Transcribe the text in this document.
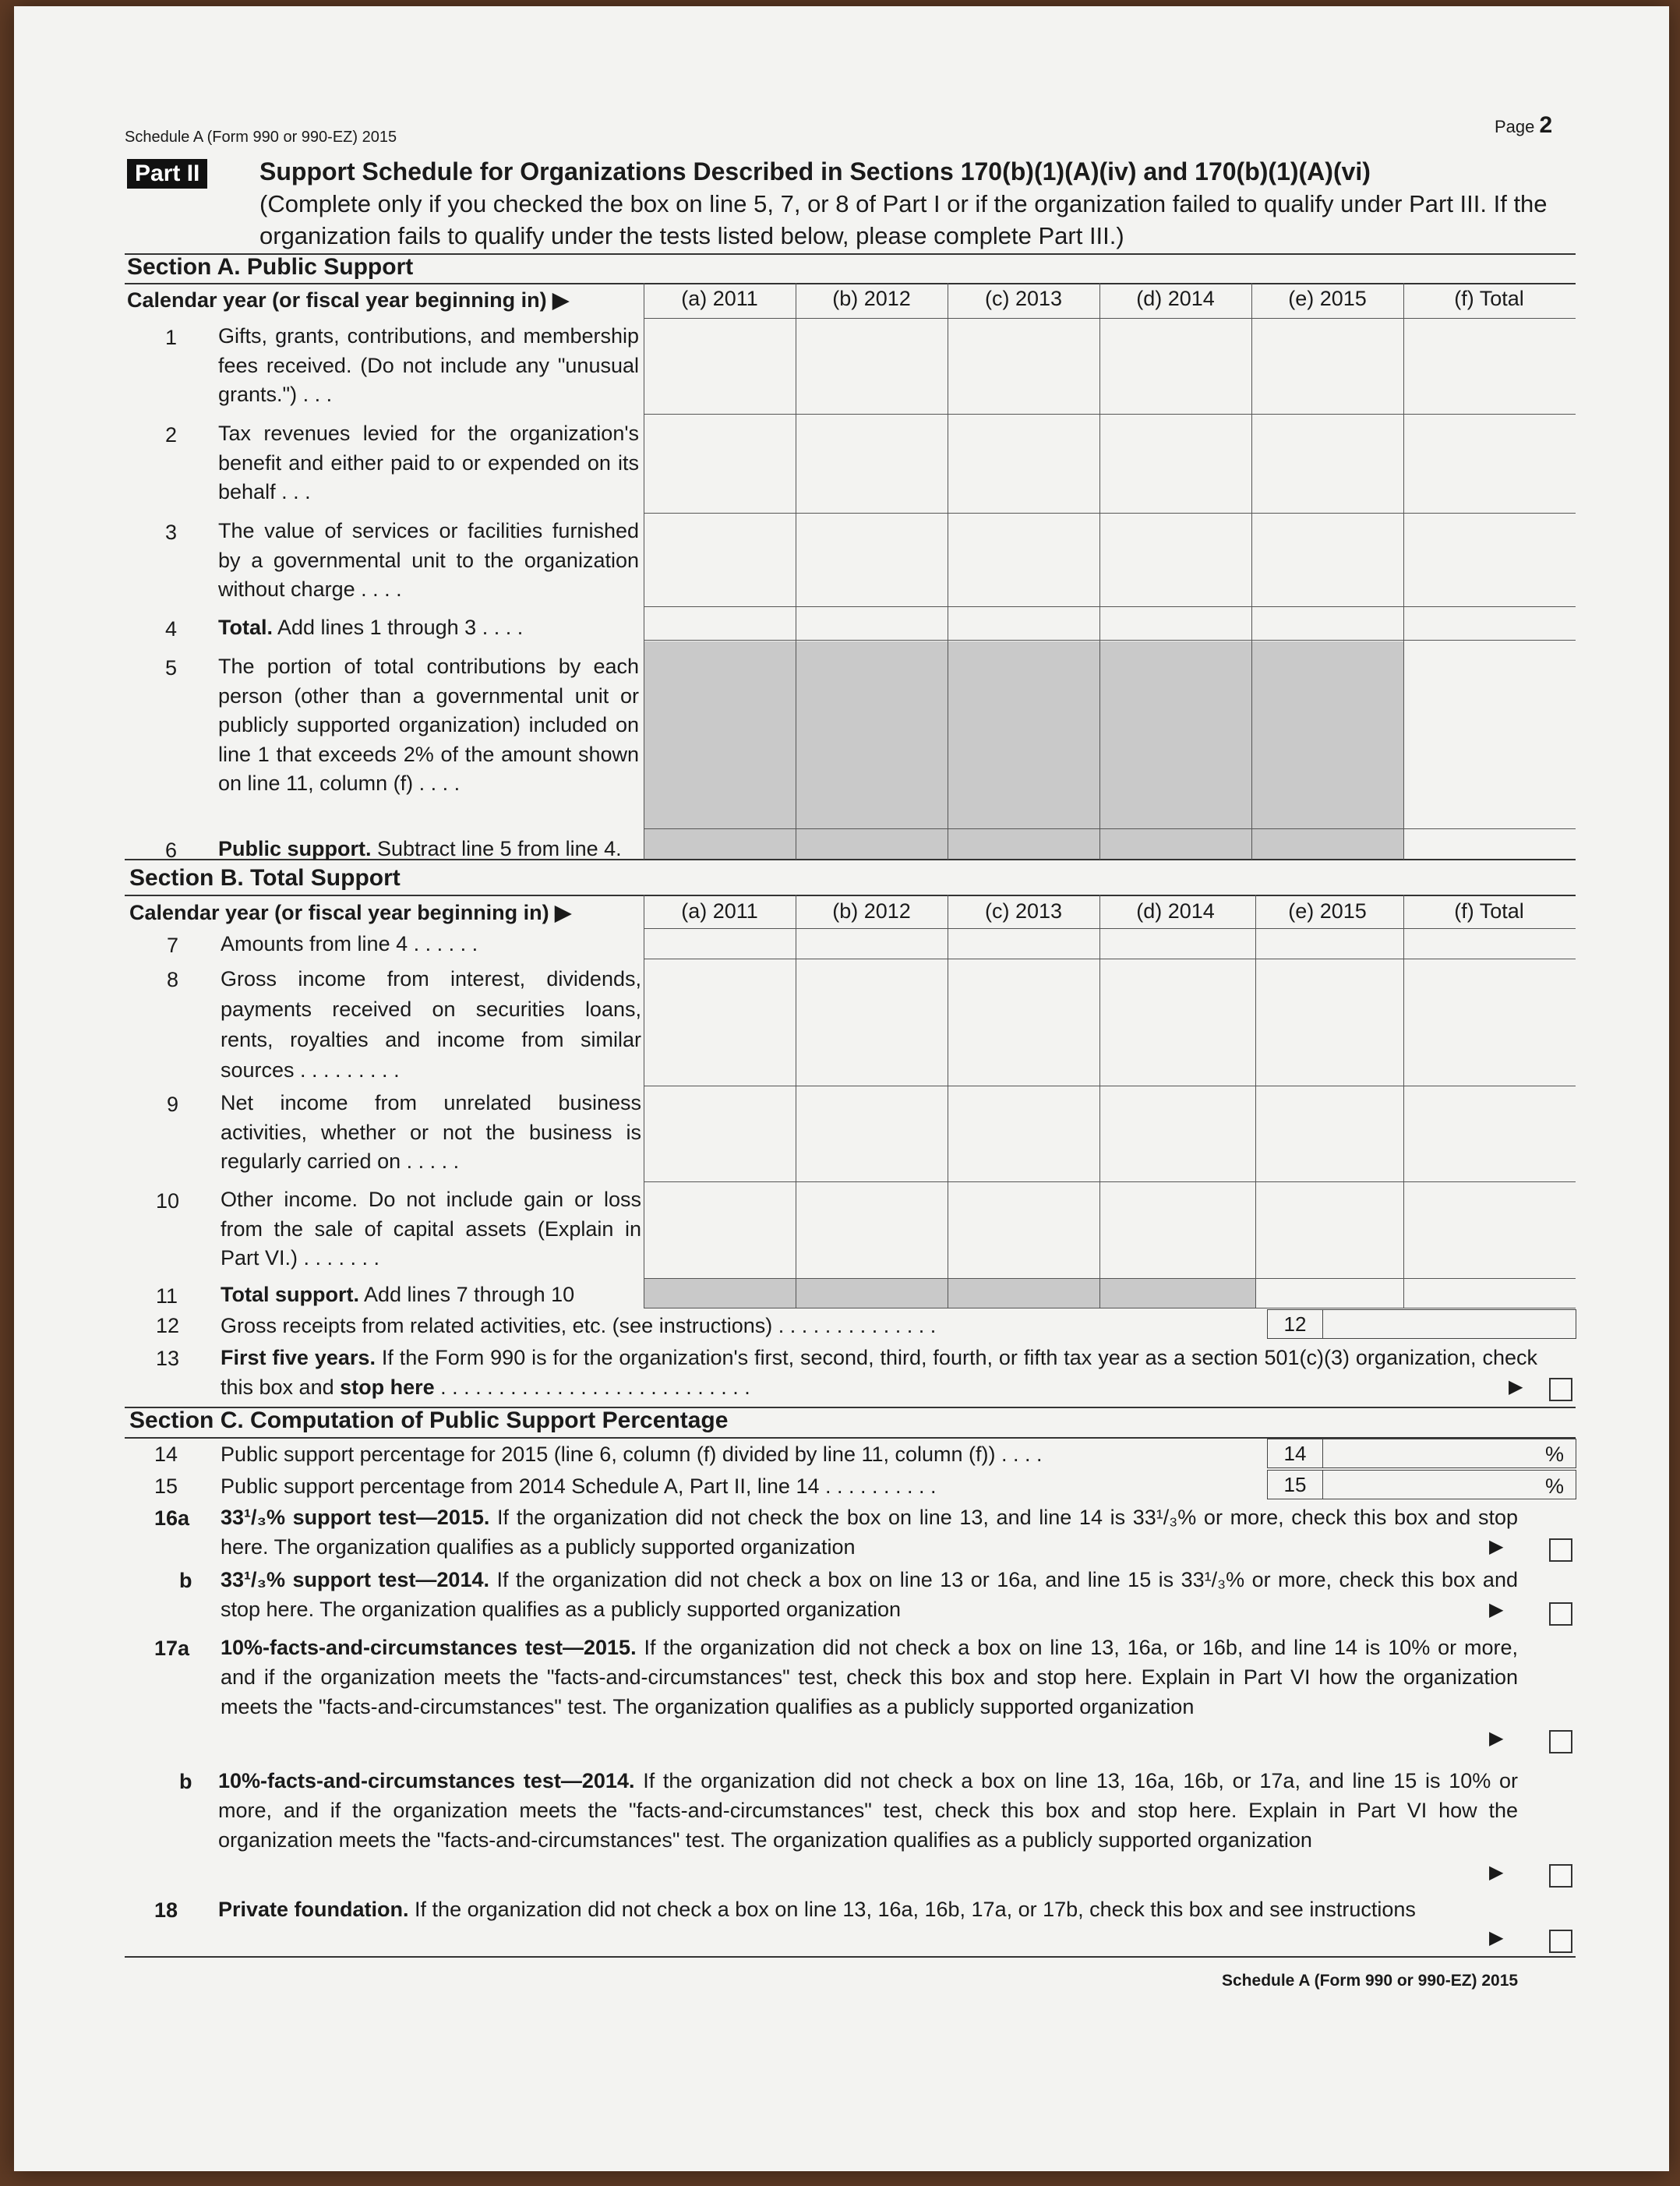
Schedule A (Form 990 or 990-EZ) 2015
Page 2
Part II	Support Schedule for Organizations Described in Sections 170(b)(1)(A)(iv) and 170(b)(1)(A)(vi)
(Complete only if you checked the box on line 5, 7, or 8 of Part I or if the organization failed to qualify under Part III. If the organization fails to qualify under the tests listed below, please complete Part III.)
Section A. Public Support
Calendar year (or fiscal year beginning in) ▶	(a) 2011	(b) 2012	(c) 2013	(d) 2014	(e) 2015	(f) Total
1 Gifts, grants, contributions, and membership fees received. (Do not include any "unusual grants.") . . .
2 Tax revenues levied for the organization's benefit and either paid to or expended on its behalf . . .
3 The value of services or facilities furnished by a governmental unit to the organization without charge . . . .
4 Total. Add lines 1 through 3 . . . .
5 The portion of total contributions by each person (other than a governmental unit or publicly supported organization) included on line 1 that exceeds 2% of the amount shown on line 11, column (f) . . . .
6 Public support. Subtract line 5 from line 4.
Section B. Total Support
Calendar year (or fiscal year beginning in) ▶	(a) 2011	(b) 2012	(c) 2013	(d) 2014	(e) 2015	(f) Total
7 Amounts from line 4 . . . . . .
8 Gross income from interest, dividends, payments received on securities loans, rents, royalties and income from similar sources . . . . . . . . .
9 Net income from unrelated business activities, whether or not the business is regularly carried on . . . . .
10 Other income. Do not include gain or loss from the sale of capital assets (Explain in Part VI.) . . . . . . .
11 Total support. Add lines 7 through 10
12 Gross receipts from related activities, etc. (see instructions) . . . . . . . . . . . . . .	12
13 First five years. If the Form 990 is for the organization's first, second, third, fourth, or fifth tax year as a section 501(c)(3) organization, check this box and stop here . . . . . . . . . . . . . . . . . . . . . . . . . . .	▶
Section C. Computation of Public Support Percentage
14 Public support percentage for 2015 (line 6, column (f) divided by line 11, column (f)) . . . .	14	%
15 Public support percentage from 2014 Schedule A, Part II, line 14 . . . . . . . . . .	15	%
16a 33¹/₃% support test—2015. If the organization did not check the box on line 13, and line 14 is 33¹/₃% or more, check this box and stop here. The organization qualifies as a publicly supported organization	▶
b 33¹/₃% support test—2014. If the organization did not check a box on line 13 or 16a, and line 15 is 33¹/₃% or more, check this box and stop here. The organization qualifies as a publicly supported organization	▶
17a 10%-facts-and-circumstances test—2015. If the organization did not check a box on line 13, 16a, or 16b, and line 14 is 10% or more, and if the organization meets the "facts-and-circumstances" test, check this box and stop here. Explain in Part VI how the organization meets the "facts-and-circumstances" test. The organization qualifies as a publicly supported organization
▶
b 10%-facts-and-circumstances test—2014. If the organization did not check a box on line 13, 16a, 16b, or 17a, and line 15 is 10% or more, and if the organization meets the "facts-and-circumstances" test, check this box and stop here. Explain in Part VI how the organization meets the "facts-and-circumstances" test. The organization qualifies as a publicly supported organization
▶
18 Private foundation. If the organization did not check a box on line 13, 16a, 16b, 17a, or 17b, check this box and see instructions
▶
Schedule A (Form 990 or 990-EZ) 2015
